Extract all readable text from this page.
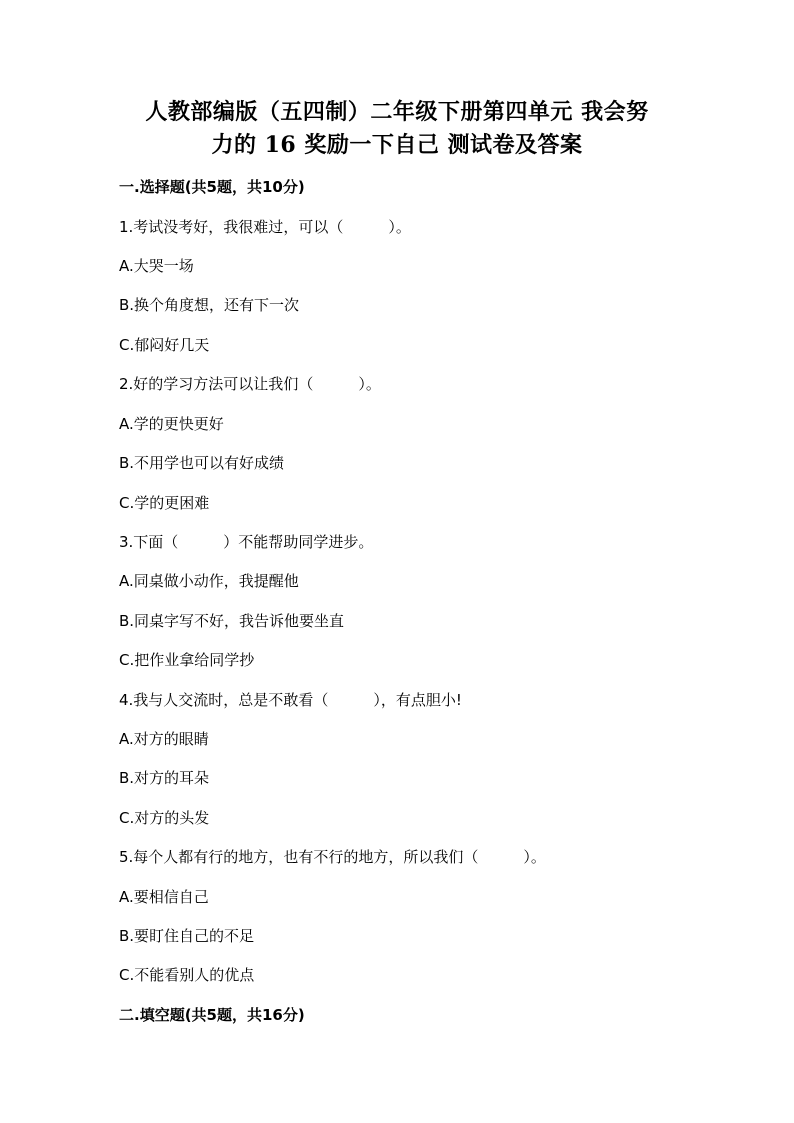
人教部编版（五四制）二年级下册第四单元 我会努
力的 16 奖励一下自己 测试卷及答案
一.选择题(共5题，共10分)
1.考试没考好，我很难过，可以（　　　）。
A.大哭一场
B.换个角度想，还有下一次
C.郁闷好几天
2.好的学习方法可以让我们（　　　）。
A.学的更快更好
B.不用学也可以有好成绩
C.学的更困难
3.下面（　　　）不能帮助同学进步。
A.同桌做小动作，我提醒他
B.同桌字写不好，我告诉他要坐直
C.把作业拿给同学抄
4.我与人交流时，总是不敢看（　　　），有点胆小!
A.对方的眼睛
B.对方的耳朵
C.对方的头发
5.每个人都有行的地方，也有不行的地方，所以我们（　　　）。
A.要相信自己
B.要盯住自己的不足
C.不能看别人的优点
二.填空题(共5题，共16分)
